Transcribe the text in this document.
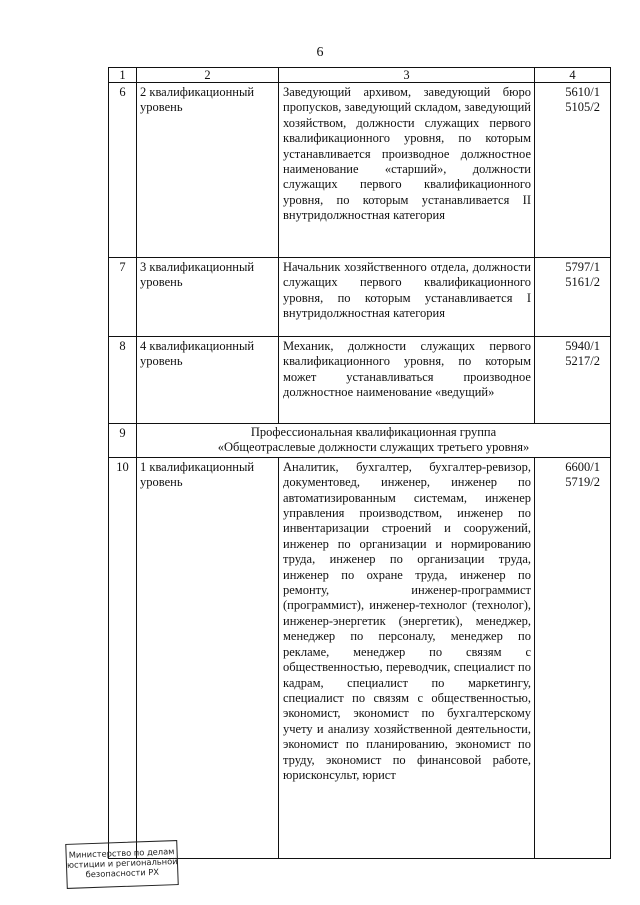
6
1	2	3	4
6	2 квалификационный уровень	Заведующий архивом, заведующий бюро пропусков, заведующий складом, заведующий хозяйством, должности служащих первого квалификационного уровня, по которым устанавливается производное должностное наименование «старший», должности служащих первого квалификационного уровня, по которым устанавливается II внутридолжностная категория	5610/1
5105/2

7	3 квалификационный уровень	Начальник хозяйственного отдела, должности служащих первого квалификационного уровня, по которым устанавливается I внутридолжностная категория	5797/1
5161/2

8	4 квалификационный уровень	Механик, должности служащих первого квалификационного уровня, по которым может устанавливаться производное должностное наименование «ведущий»	5940/1
5217/2

9	Профессиональная квалификационная группа
«Общеотраслевые должности служащих третьего уровня»		

10	1 квалификационный уровень	Аналитик, бухгалтер, бухгалтер-ревизор, документовед, инженер, инженер по автоматизированным системам, инженер управления производством, инженер по инвентаризации строений и сооружений, инженер по организации и нормированию труда, инженер по организации труда, инженер по охране труда, инженер по ремонту, инженер-программист (программист), инженер-технолог (технолог), инженер-энергетик (энергетик), менеджер, менеджер по персоналу, менеджер по рекламе, менеджер по связям с общественностью, переводчик, специалист по кадрам, специалист по маркетингу, специалист по связям с общественностью, экономист, экономист по бухгалтерскому учету и анализу хозяйственной деятельности, экономист по планированию, экономист по труду, экономист по финансовой работе, юрисконсульт, юрист	6600/1
5719/2
Министерство по делам
юстиции и региональной
безопасности РХ
